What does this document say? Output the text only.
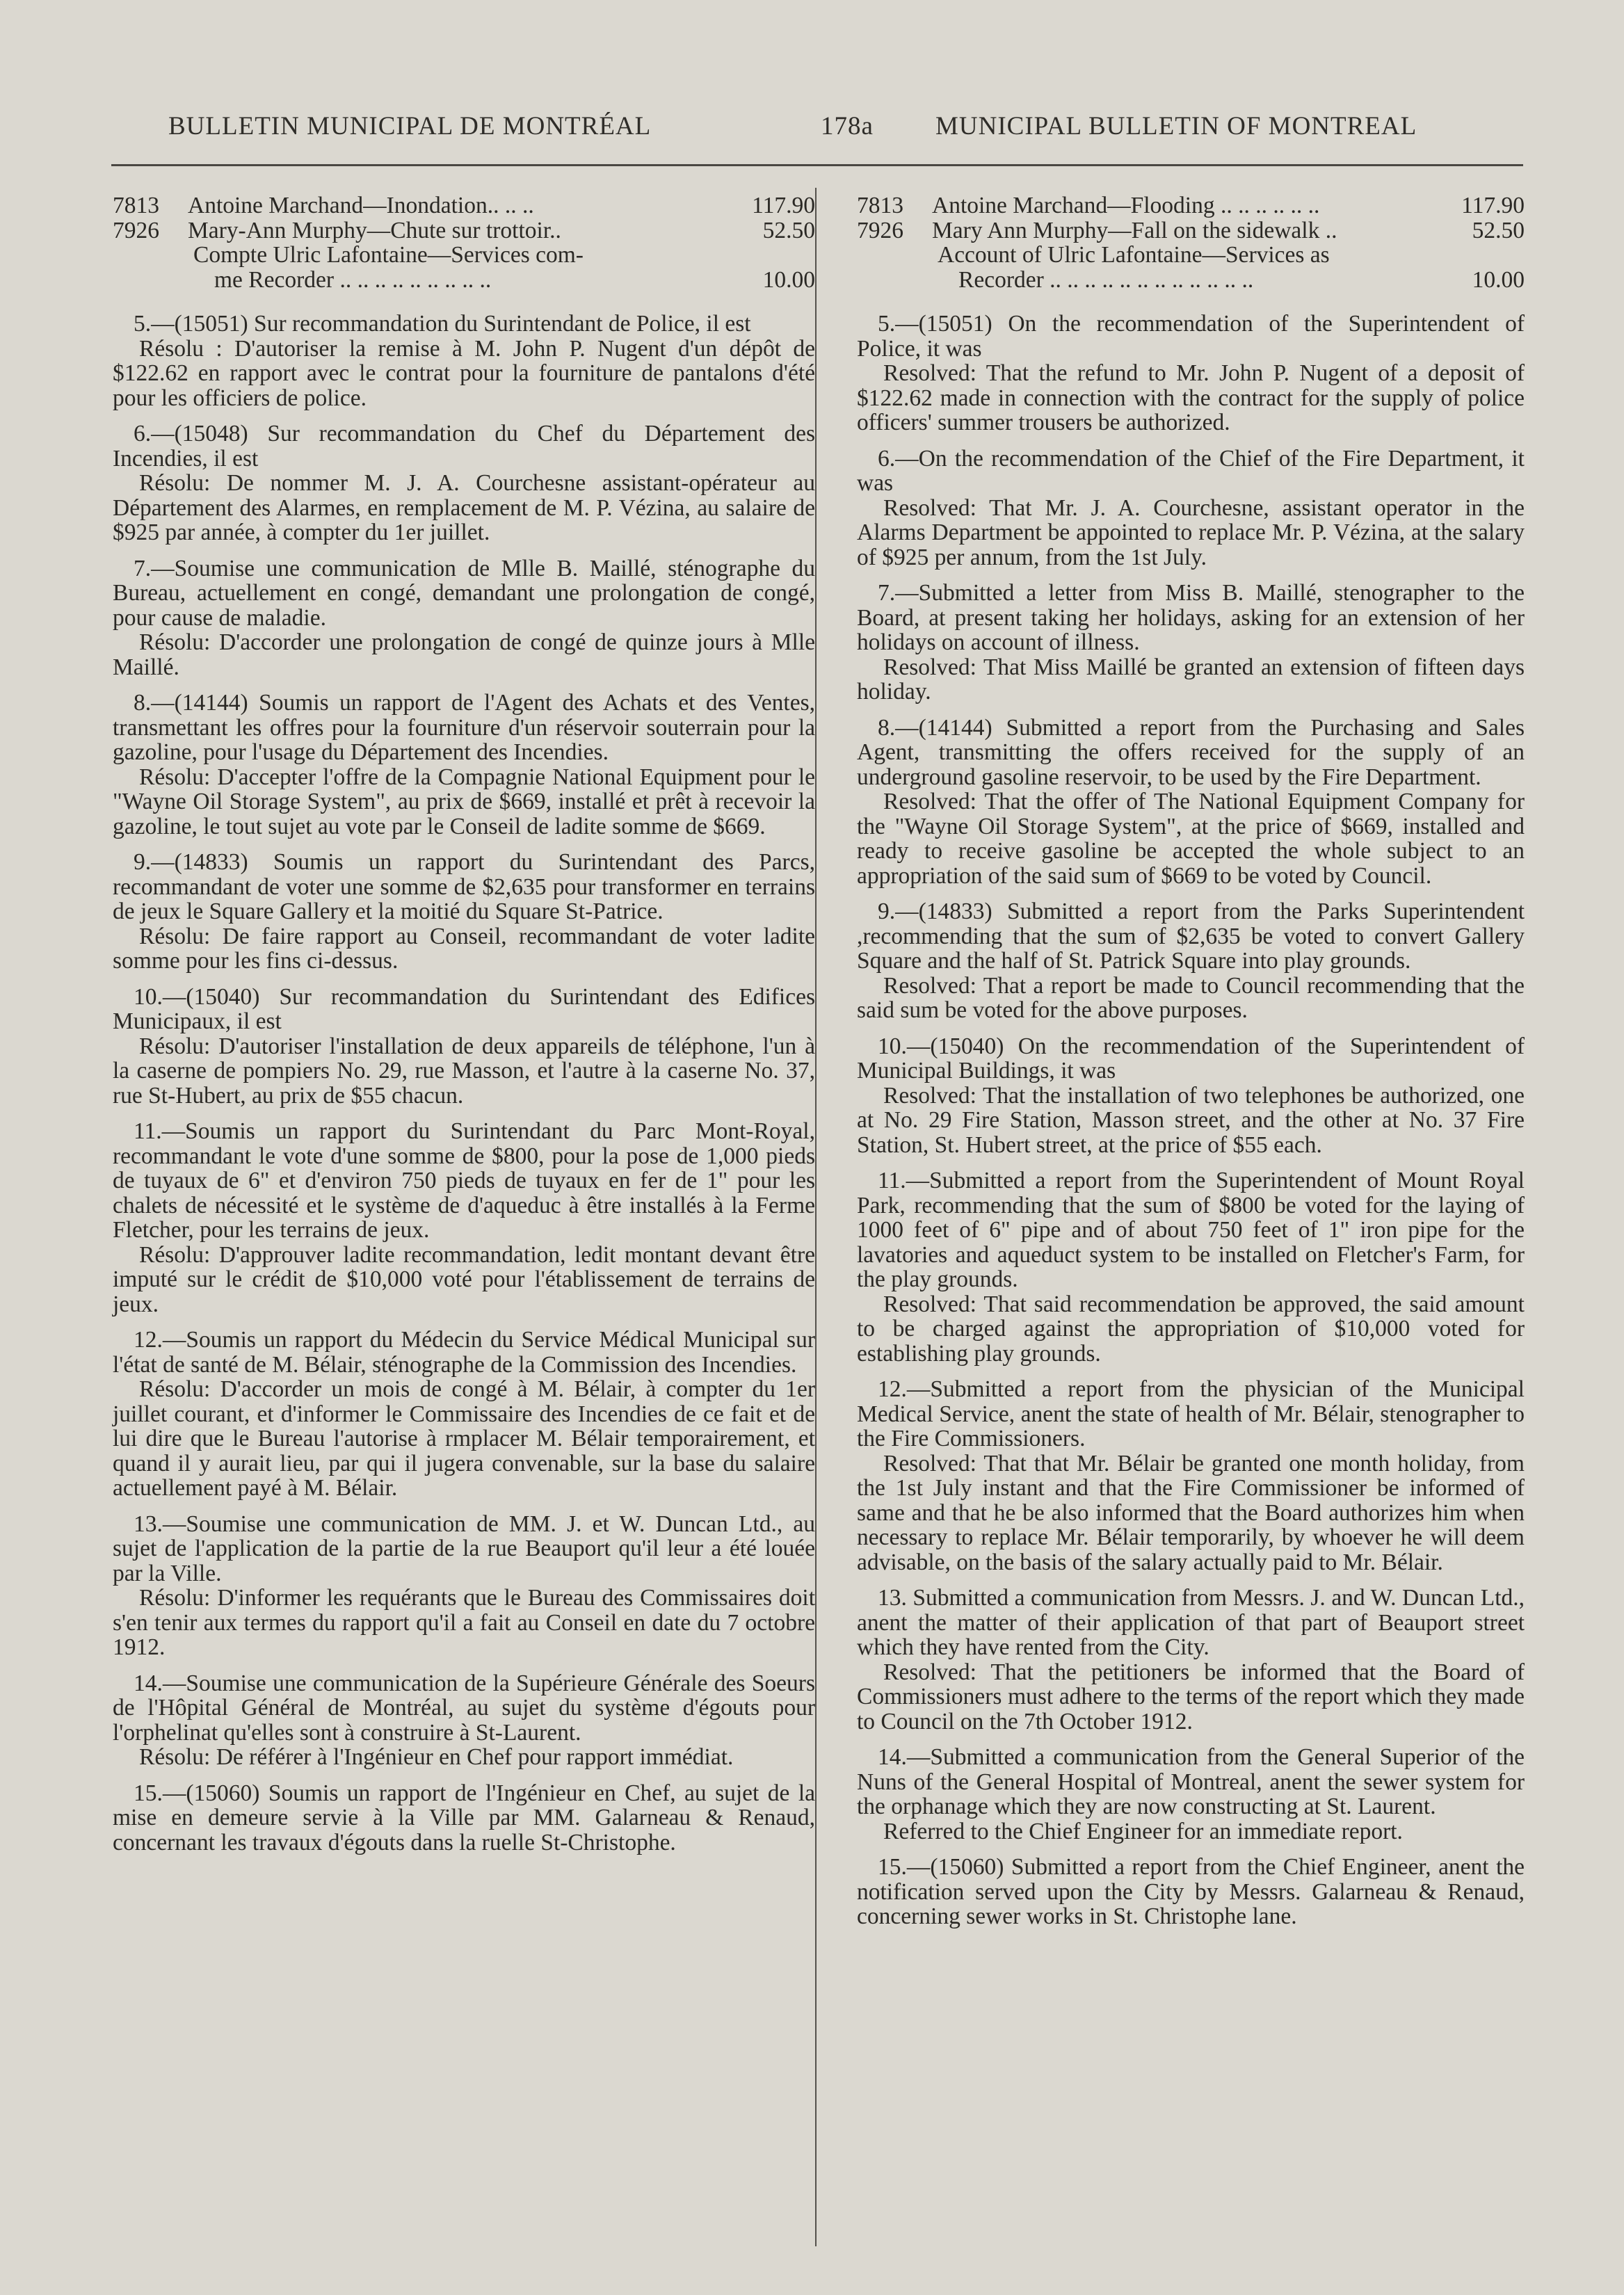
BULLETIN MUNICIPAL DE MONTRÉAL	178a MUNICIPAL BULLETIN OF MONTREAL
7813	Antoine Marchand—Inondation.. .. ..	117.90
7926	Mary-Ann Murphy—Chute sur trottoir..	52.50
Compte Ulric Lafontaine—Services com-
me Recorder .. .. .. .. .. .. .. .. ..	10.00

5.—(15051) Sur recommandation du Surintendant de Police, il est

Résolu : D'autoriser la remise à M. John P. Nugent d'un dépôt de $122.62 en rapport avec le contrat pour la fourniture de pantalons d'été pour les officiers de police.

6.—(15048) Sur recommandation du Chef du Département des Incendies, il est

Résolu: De nommer M. J. A. Courchesne assistant-opérateur au Département des Alarmes, en remplacement de M. P. Vézina, au salaire de $925 par année, à compter du 1er juillet.

7.—Soumise une communication de Mlle B. Maillé, sténographe du Bureau, actuellement en congé, demandant une prolongation de congé, pour cause de maladie.

Résolu: D'accorder une prolongation de congé de quinze jours à Mlle Maillé.

8.—(14144) Soumis un rapport de l'Agent des Achats et des Ventes, transmettant les offres pour la fourniture d'un réservoir souterrain pour la gazoline, pour l'usage du Département des Incendies.

Résolu: D'accepter l'offre de la Compagnie National Equipment pour le "Wayne Oil Storage System", au prix de $669, installé et prêt à recevoir la gazoline, le tout sujet au vote par le Conseil de ladite somme de $669.

9.—(14833) Soumis un rapport du Surintendant des Parcs, recommandant de voter une somme de $2,635 pour transformer en terrains de jeux le Square Gallery et la moitié du Square St-Patrice.

Résolu: De faire rapport au Conseil, recommandant de voter ladite somme pour les fins ci-dessus.

10.—(15040) Sur recommandation du Surintendant des Edifices Municipaux, il est

Résolu: D'autoriser l'installation de deux appareils de téléphone, l'un à la caserne de pompiers No. 29, rue Masson, et l'autre à la caserne No. 37, rue St-Hubert, au prix de $55 chacun.

11.—Soumis un rapport du Surintendant du Parc Mont-Royal, recommandant le vote d'une somme de $800, pour la pose de 1,000 pieds de tuyaux de 6" et d'environ 750 pieds de tuyaux en fer de 1" pour les chalets de nécessité et le système de d'aqueduc à être installés à la Ferme Fletcher, pour les terrains de jeux.

Résolu: D'approuver ladite recommandation, ledit montant devant être imputé sur le crédit de $10,000 voté pour l'établissement de terrains de jeux.

12.—Soumis un rapport du Médecin du Service Médical Municipal sur l'état de santé de M. Bélair, sténographe de la Commission des Incendies.

Résolu: D'accorder un mois de congé à M. Bélair, à compter du 1er juillet courant, et d'informer le Commissaire des Incendies de ce fait et de lui dire que le Bureau l'autorise à rmplacer M. Bélair temporairement, et quand il y aurait lieu, par qui il jugera convenable, sur la base du salaire actuellement payé à M. Bélair.

13.—Soumise une communication de MM. J. et W. Duncan Ltd., au sujet de l'application de la partie de la rue Beauport qu'il leur a été louée par la Ville.

Résolu: D'informer les requérants que le Bureau des Commissaires doit s'en tenir aux termes du rapport qu'il a fait au Conseil en date du 7 octobre 1912.

14.—Soumise une communication de la Supérieure Générale des Soeurs de l'Hôpital Général de Montréal, au sujet du système d'égouts pour l'orphelinat qu'elles sont à construire à St-Laurent.

Résolu: De référer à l'Ingénieur en Chef pour rapport immédiat.

15.—(15060) Soumis un rapport de l'Ingénieur en Chef, au sujet de la mise en demeure servie à la Ville par MM. Galarneau & Renaud, concernant les travaux d'égouts dans la ruelle St-Christophe.

7813	Antoine Marchand—Flooding .. .. .. .. .. ..	117.90
7926	Mary Ann Murphy—Fall on the sidewalk ..	52.50
Account of Ulric Lafontaine—Services as
Recorder .. .. .. .. .. .. .. .. .. .. .. ..	10.00

5.—(15051) On the recommendation of the Superintendent of Police, it was

Resolved: That the refund to Mr. John P. Nugent of a deposit of $122.62 made in connection with the contract for the supply of police officers' summer trousers be authorized.

6.—On the recommendation of the Chief of the Fire Department, it was

Resolved: That Mr. J. A. Courchesne, assistant operator in the Alarms Department be appointed to replace Mr. P. Vézina, at the salary of $925 per annum, from the 1st July.

7.—Submitted a letter from Miss B. Maillé, stenographer to the Board, at present taking her holidays, asking for an extension of her holidays on account of illness.

Resolved: That Miss Maillé be granted an extension of fifteen days holiday.

8.—(14144) Submitted a report from the Purchasing and Sales Agent, transmitting the offers received for the supply of an underground gasoline reservoir, to be used by the Fire Department.

Resolved: That the offer of The National Equipment Company for the "Wayne Oil Storage System", at the price of $669, installed and ready to receive gasoline be accepted the whole subject to an appropriation of the said sum of $669 to be voted by Council.

9.—(14833) Submitted a report from the Parks Superintendent ,recommending that the sum of $2,635 be voted to convert Gallery Square and the half of St. Patrick Square into play grounds.

Resolved: That a report be made to Council recommending that the said sum be voted for the above purposes.

10.—(15040) On the recommendation of the Superintendent of Municipal Buildings, it was

Resolved: That the installation of two telephones be authorized, one at No. 29 Fire Station, Masson street, and the other at No. 37 Fire Station, St. Hubert street, at the price of $55 each.

11.—Submitted a report from the Superintendent of Mount Royal Park, recommending that the sum of $800 be voted for the laying of 1000 feet of 6" pipe and of about 750 feet of 1" iron pipe for the lavatories and aqueduct system to be installed on Fletcher's Farm, for the play grounds.

Resolved: That said recommendation be approved, the said amount to be charged against the appropriation of $10,000 voted for establishing play grounds.

12.—Submitted a report from the physician of the Municipal Medical Service, anent the state of health of Mr. Bélair, stenographer to the Fire Commissioners.

Resolved: That that Mr. Bélair be granted one month holiday, from the 1st July instant and that the Fire Commissioner be informed of same and that he be also informed that the Board authorizes him when necessary to replace Mr. Bélair temporarily, by whoever he will deem advisable, on the basis of the salary actually paid to Mr. Bélair.

13. Submitted a communication from Messrs. J. and W. Duncan Ltd., anent the matter of their application of that part of Beauport street which they have rented from the City.

Resolved: That the petitioners be informed that the Board of Commissioners must adhere to the terms of the report which they made to Council on the 7th October 1912.

14.—Submitted a communication from the General Superior of the Nuns of the General Hospital of Montreal, anent the sewer system for the orphanage which they are now constructing at St. Laurent.

Referred to the Chief Engineer for an immediate report.

15.—(15060) Submitted a report from the Chief Engineer, anent the notification served upon the City by Messrs. Galarneau & Renaud, concerning sewer works in St. Christophe lane.
